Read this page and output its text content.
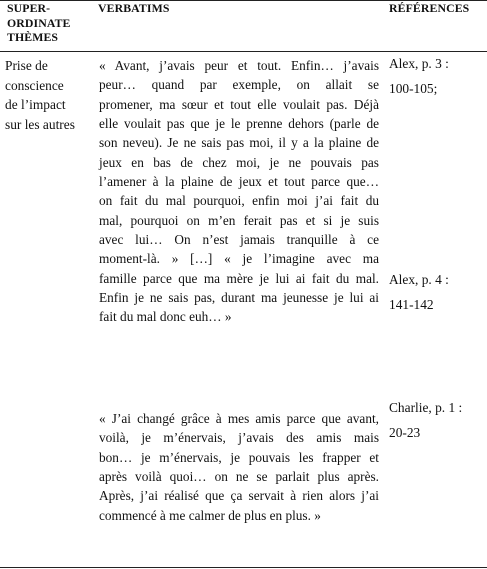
SUPER-
ORDINATE
THÈMES
VERBATIMS	RÉFÉRENCES
Prise de
conscience
de l’impact
sur les autres
« Avant, j’avais peur et tout. Enfin… j’avais
peur… quand par exemple, on allait se
promener, ma sœur et tout elle voulait pas. Déjà
elle voulait pas que je le prenne dehors (parle de
son neveu). Je ne sais pas moi, il y a la plaine de
jeux en bas de chez moi, je ne pouvais pas
l’amener à la plaine de jeux et tout parce que…
on fait du mal pourquoi, enfin moi j’ai fait du
mal, pourquoi on m’en ferait pas et si je suis
avec lui… On n’est jamais tranquille à ce
moment-là. » […] « je l’imagine avec ma
famille parce que ma mère je lui ai fait du mal.
Enfin je ne sais pas, durant ma jeunesse je lui ai
fait du mal donc euh… »
« J’ai changé grâce à mes amis parce que avant,
voilà, je m’énervais, j’avais des amis mais
bon… je m’énervais, je pouvais les frapper et
après voilà quoi… on ne se parlait plus après.
Après, j’ai réalisé que ça servait à rien alors j’ai
commencé à me calmer de plus en plus. »
Alex, p. 3 :
100-105;
Alex, p. 4 :
141-142
Charlie, p. 1 :
20-23
